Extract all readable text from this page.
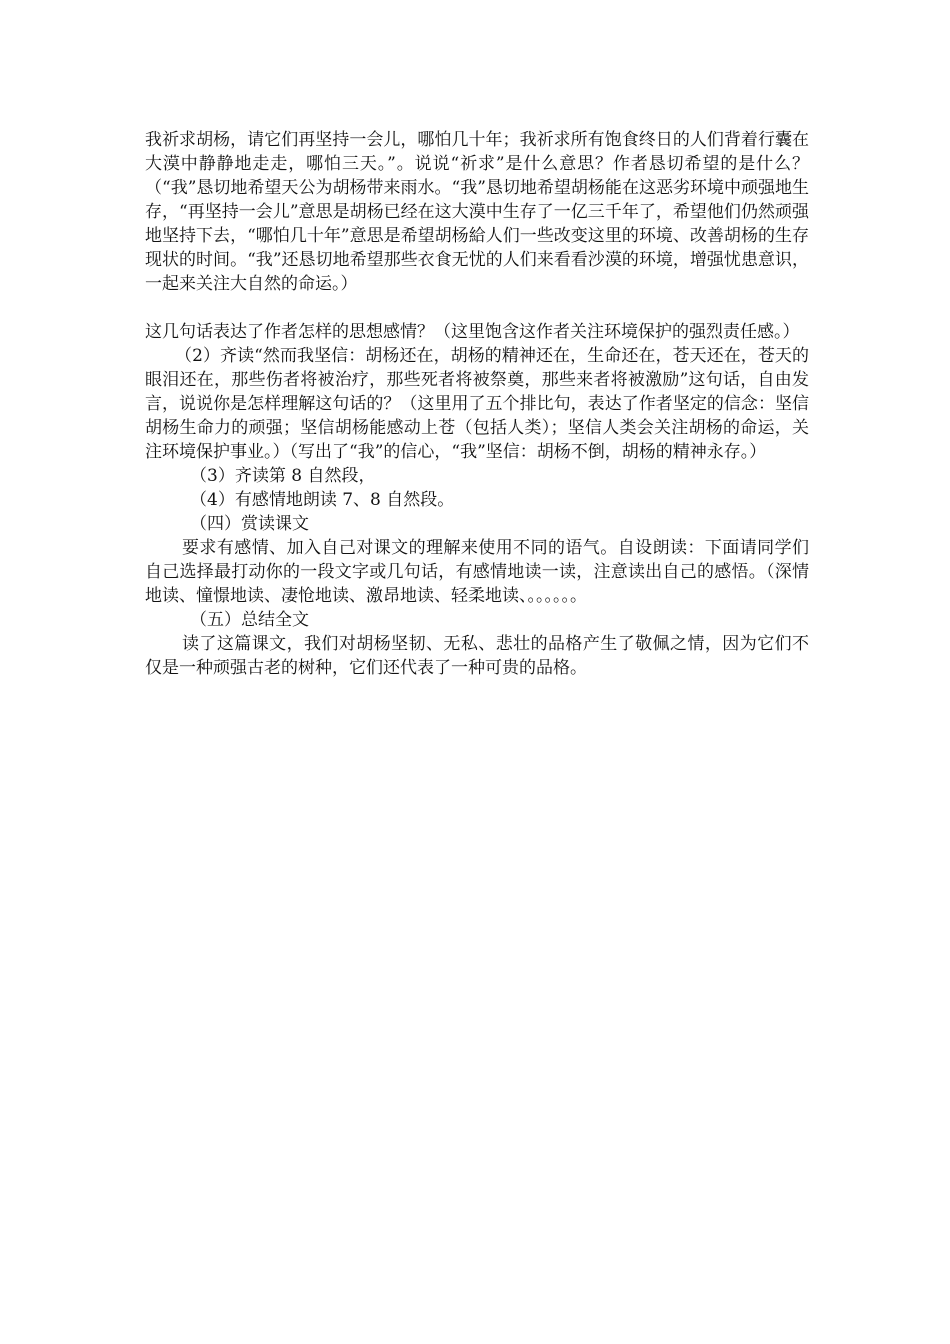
我祈求胡杨，请它们再坚持一会儿，哪怕几十年；我祈求所有饱食终日的人们背着行囊在大漠中静静地走走，哪怕三天。”。说说“祈求”是什么意思？作者恳切希望的是什么？（“我”恳切地希望天公为胡杨带来雨水。“我”恳切地希望胡杨能在这恶劣环境中顽强地生存，“再坚持一会儿”意思是胡杨已经在这大漠中生存了一亿三千年了，希望他们仍然顽强地坚持下去，“哪怕几十年”意思是希望胡杨給人们一些改变这里的环境、改善胡杨的生存现状的时间。“我”还恳切地希望那些衣食无忧的人们来看看沙漠的环境，增强忧患意识，一起来关注大自然的命运。）

这几句话表达了作者怎样的思想感情？（这里饱含这作者关注环境保护的强烈责任感。）

（2）齐读“然而我坚信：胡杨还在，胡杨的精神还在，生命还在，苍天还在，苍天的眼泪还在，那些伤者将被治疗，那些死者将被祭奠，那些来者将被激励”这句话，自由发言，说说你是怎样理解这句话的？（这里用了五个排比句，表达了作者坚定的信念：坚信胡杨生命力的顽强；坚信胡杨能感动上苍（包括人类）；坚信人类会关注胡杨的命运，关注环境保护事业。）（写出了“我”的信心，“我”坚信：胡杨不倒，胡杨的精神永存。）

（3）齐读第 8 自然段，

（4）有感情地朗读 7、8 自然段。

（四）赏读课文

要求有感情、加入自己对课文的理解来使用不同的语气。自设朗读：下面请同学们自己选择最打动你的一段文字或几句话，有感情地读一读，注意读出自己的感悟。（深情地读、憧憬地读、凄怆地读、激昂地读、轻柔地读、。。。。。。

（五）总结全文

读了这篇课文，我们对胡杨坚韧、无私、悲壮的品格产生了敬佩之情，因为它们不仅是一种顽强古老的树种，它们还代表了一种可贵的品格。
